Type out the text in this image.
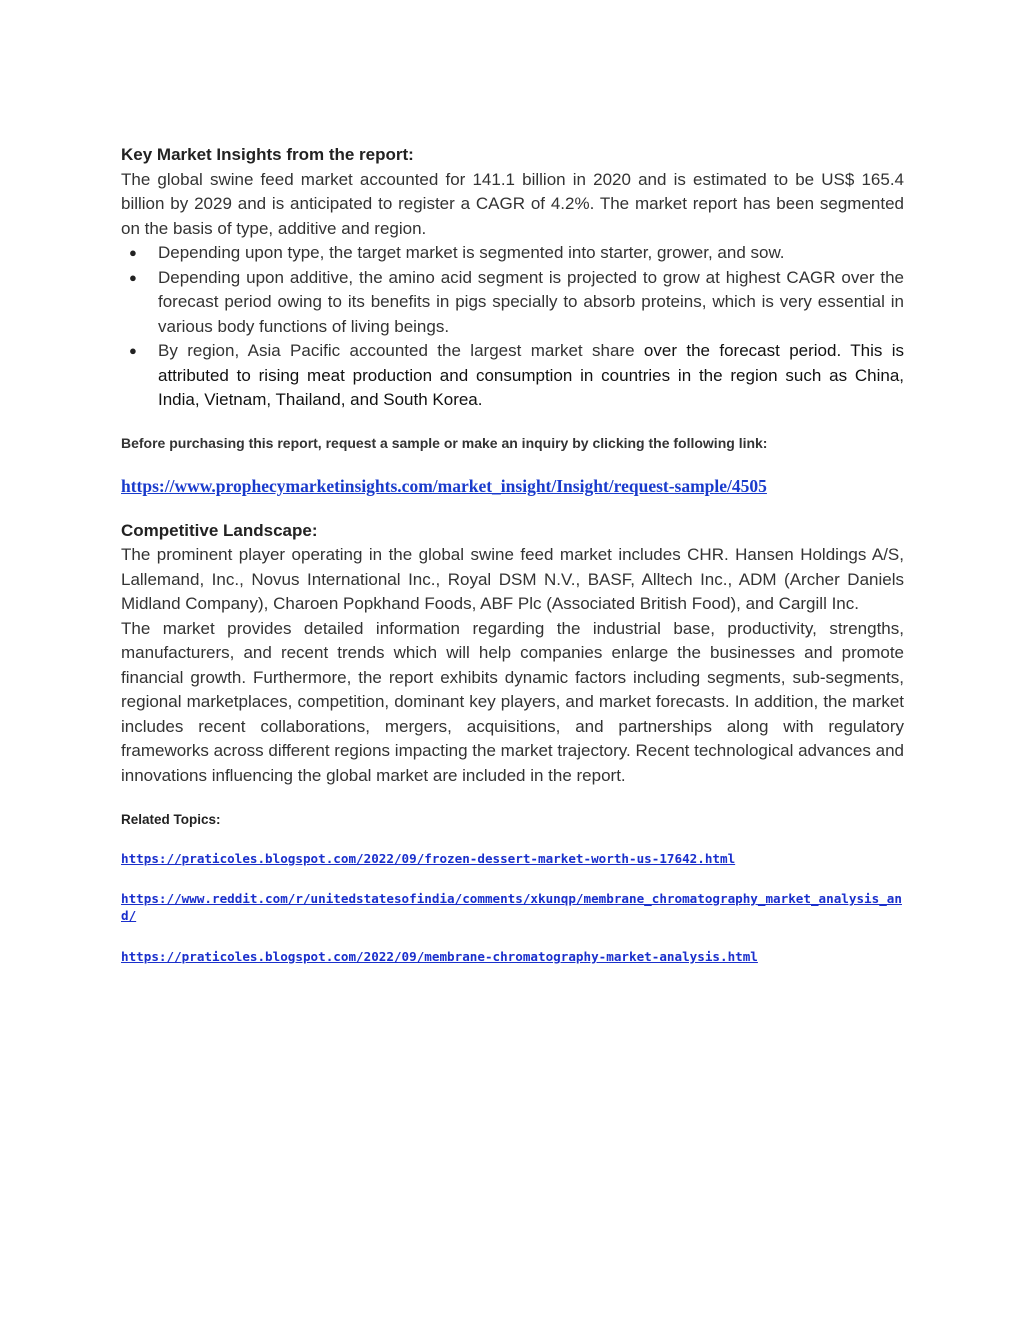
Key Market Insights from the report:

The global swine feed market accounted for 141.1 billion in 2020 and is estimated to be US$ 165.4 billion by 2029 and is anticipated to register a CAGR of 4.2%. The market report has been segmented on the basis of type, additive and region.

● Depending upon type, the target market is segmented into starter, grower, and sow.
● Depending upon additive, the amino acid segment is projected to grow at highest CAGR over the forecast period owing to its benefits in pigs specially to absorb proteins, which is very essential in various body functions of living beings.
● By region, Asia Pacific accounted the largest market share over the forecast period. This is attributed to rising meat production and consumption in countries in the region such as China, India, Vietnam, Thailand, and South Korea.

Before purchasing this report, request a sample or make an inquiry by clicking the following link:

https://www.prophecymarketinsights.com/market_insight/Insight/request-sample/4505

Competitive Landscape:

The prominent player operating in the global swine feed market includes CHR. Hansen Holdings A/S, Lallemand, Inc., Novus International Inc., Royal DSM N.V., BASF, Alltech Inc., ADM (Archer Daniels Midland Company), Charoen Popkhand Foods, ABF Plc (Associated British Food), and Cargill Inc.

The market provides detailed information regarding the industrial base, productivity, strengths, manufacturers, and recent trends which will help companies enlarge the businesses and promote financial growth. Furthermore, the report exhibits dynamic factors including segments, sub-segments, regional marketplaces, competition, dominant key players, and market forecasts. In addition, the market includes recent collaborations, mergers, acquisitions, and partnerships along with regulatory frameworks across different regions impacting the market trajectory. Recent technological advances and innovations influencing the global market are included in the report.

Related Topics:

https://praticoles.blogspot.com/2022/09/frozen-dessert-market-worth-us-17642.html
https://www.reddit.com/r/unitedstatesofindia/comments/xkunqp/membrane_chromatography_market_analysis_and/
https://praticoles.blogspot.com/2022/09/membrane-chromatography-market-analysis.html
